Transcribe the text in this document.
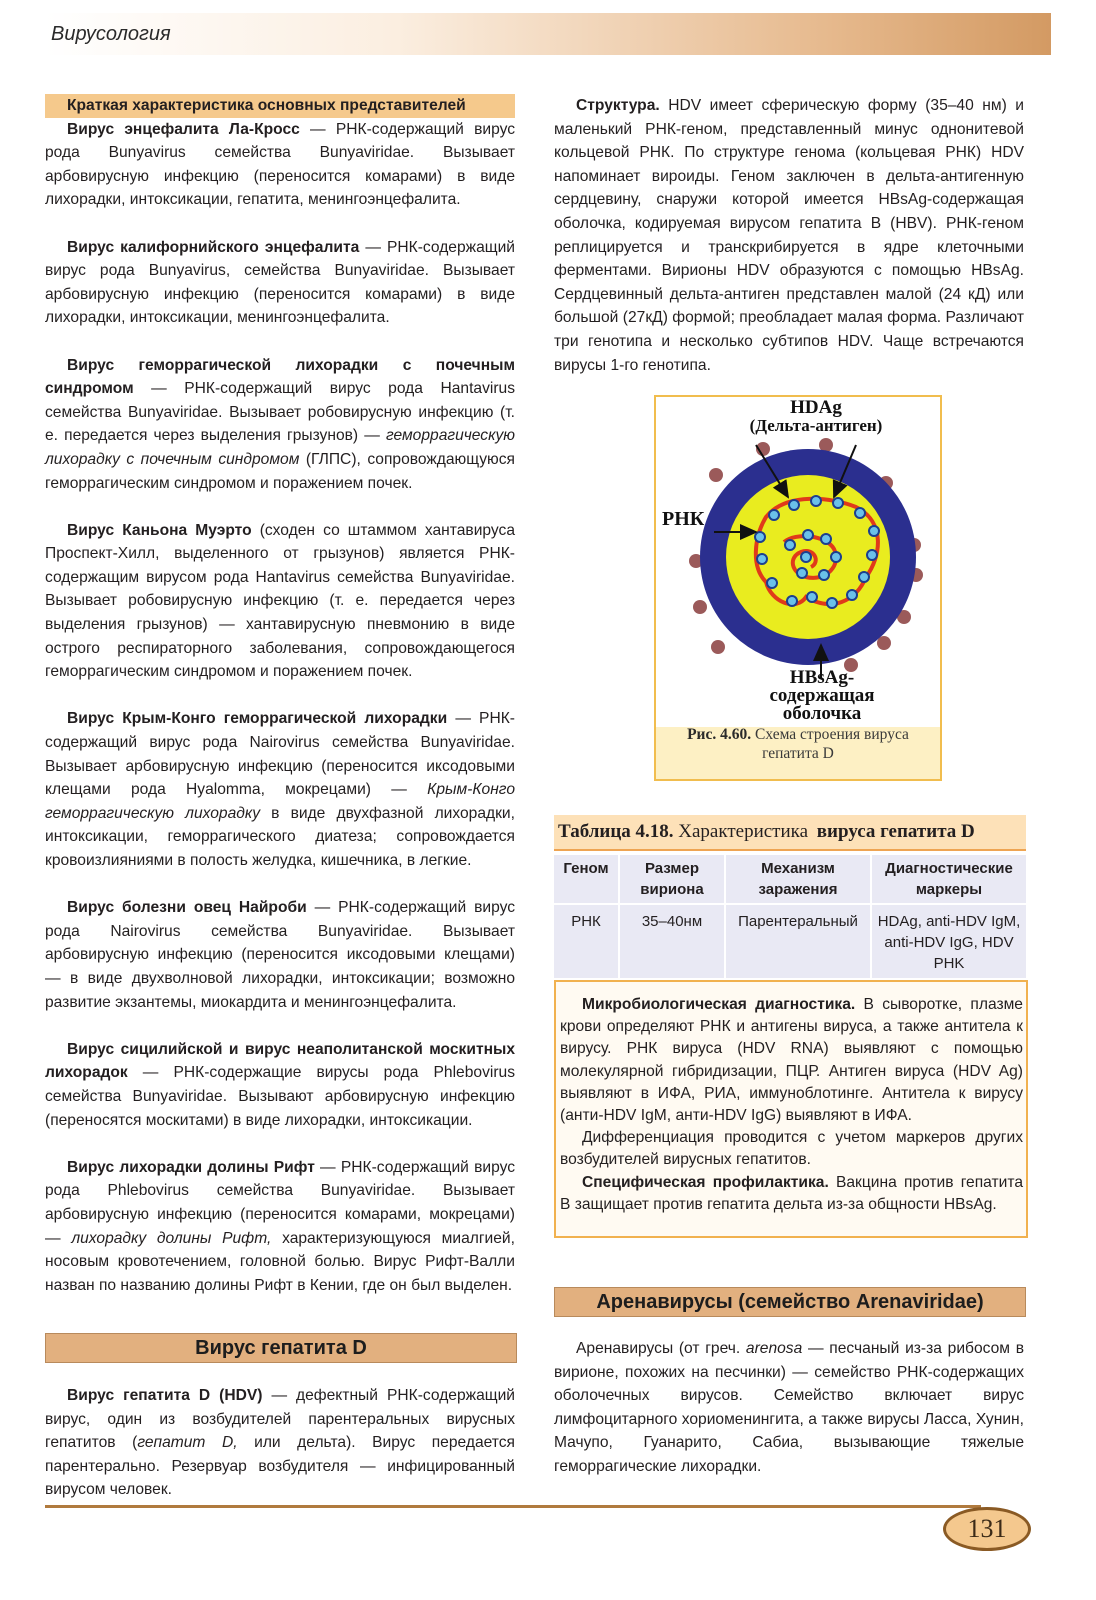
Вирусология

Краткая характеристика основных представителей

Вирус энцефалита Ла-Кросс — РНК-содержащий вирус рода Bunyavirus семейства Bunyaviridae. Вызывает арбовирусную инфекцию (переносится комарами) в виде лихорадки, интоксикации, гепатита, менингоэнцефалита.

Вирус калифорнийского энцефалита — РНК-содержащий вирус рода Bunyavirus, семейства Bunyaviridae. Вызывает арбовирусную инфекцию (переносится комарами) в виде лихорадки, интоксикации, менингоэнцефалита.

Вирус геморрагической лихорадки с почечным синдромом — РНК-содержащий вирус рода Hantavirus семейства Bunyaviridae. Вызывает робовирусную инфекцию (т. е. передается через выделения грызунов) — геморрагическую лихорадку с почечным синдромом (ГЛПС), сопровождающуюся геморрагическим синдромом и поражением почек.

Вирус Каньона Муэрто (сходен со штаммом хантавируса Проспект-Хилл, выделенного от грызунов) является РНК-содержащим вирусом рода Hantavirus семейства Bunyaviridae. Вызывает робовирусную инфекцию (т. е. передается через выделения грызунов) — хантавирусную пневмонию в виде острого респираторного заболевания, сопровождающегося геморрагическим синдромом и поражением почек.

Вирус Крым-Конго геморрагической лихорадки — РНК-содержащий вирус рода Nairovirus семейства Bunyaviridae. Вызывает арбовирусную инфекцию (переносится иксодовыми клещами рода Hyalomma, мокрецами) — Крым-Конго геморрагическую лихорадку в виде двухфазной лихорадки, интоксикации, геморрагического диатеза; сопровождается кровоизлияниями в полость желудка, кишечника, в легкие.

Вирус болезни овец Найроби — РНК-содержащий вирус рода Nairovirus семейства Bunyaviridae. Вызывает арбовирусную инфекцию (переносится иксодовыми клещами) — в виде двухволновой лихорадки, интоксикации; возможно развитие экзантемы, миокардита и менингоэнцефалита.

Вирус сицилийской и вирус неаполитанской москитных лихорадок — РНК-содержащие вирусы рода Phlebovirus семейства Bunyaviridae. Вызывают арбовирусную инфекцию (переносятся москитами) в виде лихорадки, интоксикации.

Вирус лихорадки долины Рифт — РНК-содержащий вирус рода Phlebovirus семейства Bunyaviridae. Вызывает арбовирусную инфекцию (переносится комарами, мокрецами) — лихорадку долины Рифт, характеризующуюся миалгией, носовым кровотечением, головной болью. Вирус Рифт-Валли назван по названию долины Рифт в Кении, где он был выделен.

Вирус гепатита D

Вирус гепатита D (HDV) — дефектный РНК-содержащий вирус, один из возбудителей парентеральных вирусных гепатитов (гепатит D, или дельта). Вирус передается парентерально. Резервуар возбудителя — инфицированный вирусом человек.

Структура. HDV имеет сферическую форму (35–40 нм) и маленький РНК-геном, представленный минус однонитевой кольцевой РНК. По структуре генома (кольцевая РНК) HDV напоминает вироиды. Геном заключен в дельта-антигенную сердцевину, снаружи которой имеется HBsAg-содержащая оболочка, кодируемая вирусом гепатита В (HBV). РНК-геном реплицируется и транскрибируется в ядре клеточными ферментами. Вирионы HDV образуются с помощью HBsAg. Сердцевинный дельта-антиген представлен малой (24 кД) или большой (27кД) формой; преобладает малая форма. Различают три генотипа и несколько субтипов HDV. Чаще встречаются вирусы 1-го генотипа.

HDAg
(Дельта-антиген)
РНК
HBsAg-
содержащая
оболочка
Рис. 4.60. Схема строения вируса гепатита D
Таблица 4.18. Характеристика вируса гепатита D
Геном	Размер вириона	Механизм заражения	Диагностические маркеры
РНК	35–40нм	Парентеральный	HDAg, anti-HDV IgM, anti-HDV IgG, HDV PHK

Микробиологическая диагностика. В сыворотке, плазме крови определяют РНК и антигены вируса, а также антитела к вирусу. РНК вируса (HDV RNA) выявляют с помощью молекулярной гибридизации, ПЦР. Антиген вируса (HDV Ag) выявляют в ИФА, РИА, иммуноблотинге. Антитела к вирусу (анти-HDV IgM, анти-HDV IgG) выявляют в ИФА.

Дифференциация проводится с учетом маркеров других возбудителей вирусных гепатитов.

Специфическая профилактика. Вакцина против гепатита В защищает против гепатита дельта из-за общности HBsAg.

Аренавирусы (семейство Arenaviridae)

Аренавирусы (от греч. arenosa — песчаный из-за рибосом в вирионе, похожих на песчинки) — семейство РНК-содержащих оболочечных вирусов. Семейство включает вирус лимфоцитарного хориоменингита, а также вирусы Ласса, Хунин, Мачупо, Гуанарито, Сабиа, вызывающие тяжелые геморрагические лихорадки.

131
